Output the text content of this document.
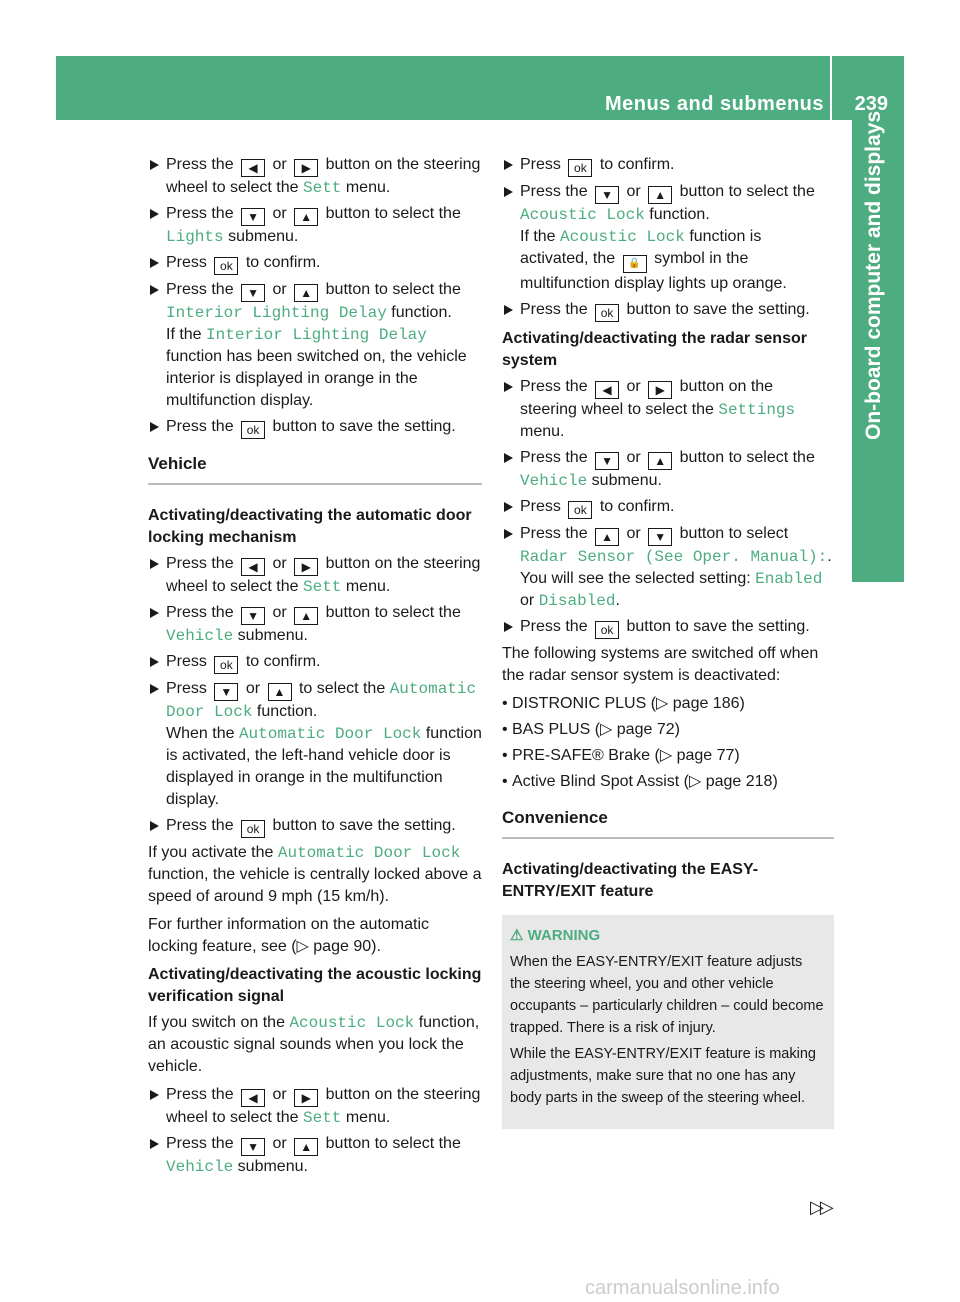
Menus and submenus 239
On-board computer and displays
Press the ◀ or ▶ button on the steering wheel to select the Sett menu.
Press the ▼ or ▲ button to select the Lights submenu.
Press ok to confirm.
Press the ▼ or ▲ button to select the Interior Lighting Delay function.
If the Interior Lighting Delay function has been switched on, the vehicle interior is displayed in orange in the multifunction display.
Press the ok button to save the setting.
Vehicle
Activating/deactivating the automatic door locking mechanism
Press the ◀ or ▶ button on the steering wheel to select the Sett menu.
Press the ▼ or ▲ button to select the Vehicle submenu.
Press ok to confirm.
Press ▼ or ▲ to select the Automatic Door Lock function.
When the Automatic Door Lock function is activated, the left-hand vehicle door is displayed in orange in the multifunction display.
Press the ok button to save the setting.

If you activate the Automatic Door Lock function, the vehicle is centrally locked above a speed of around 9 mph (15 km/h).

For further information on the automatic locking feature, see (▷ page 90).

Activating/deactivating the acoustic locking verification signal

If you switch on the Acoustic Lock function, an acoustic signal sounds when you lock the vehicle.

Press the ◀ or ▶ button on the steering wheel to select the Sett menu.
Press the ▼ or ▲ button to select the Vehicle submenu.
Press ok to confirm.
Press the ▼ or ▲ button to select the Acoustic Lock function.
If the Acoustic Lock function is activated, the 🔒 symbol in the multifunction display lights up orange.
Press the ok button to save the setting.
Activating/deactivating the radar sensor system
Press the ◀ or ▶ button on the steering wheel to select the Settings menu.
Press the ▼ or ▲ button to select the Vehicle submenu.
Press ok to confirm.
Press the ▲ or ▼ button to select Radar Sensor (See Oper. Manual):.
You will see the selected setting: Enabled or Disabled.
Press the ok button to save the setting.

The following systems are switched off when the radar sensor system is deactivated:

• DISTRONIC PLUS (▷ page 186)
• BAS PLUS (▷ page 72)
• PRE-SAFE® Brake (▷ page 77)
• Active Blind Spot Assist (▷ page 218)
Convenience
Activating/deactivating the EASY-ENTRY/EXIT feature
⚠ WARNING

When the EASY-ENTRY/EXIT feature adjusts the steering wheel, you and other vehicle occupants – particularly children – could become trapped. There is a risk of injury.

While the EASY-ENTRY/EXIT feature is making adjustments, make sure that no one has any body parts in the sweep of the steering wheel.

▷▷
carmanualsonline.info
